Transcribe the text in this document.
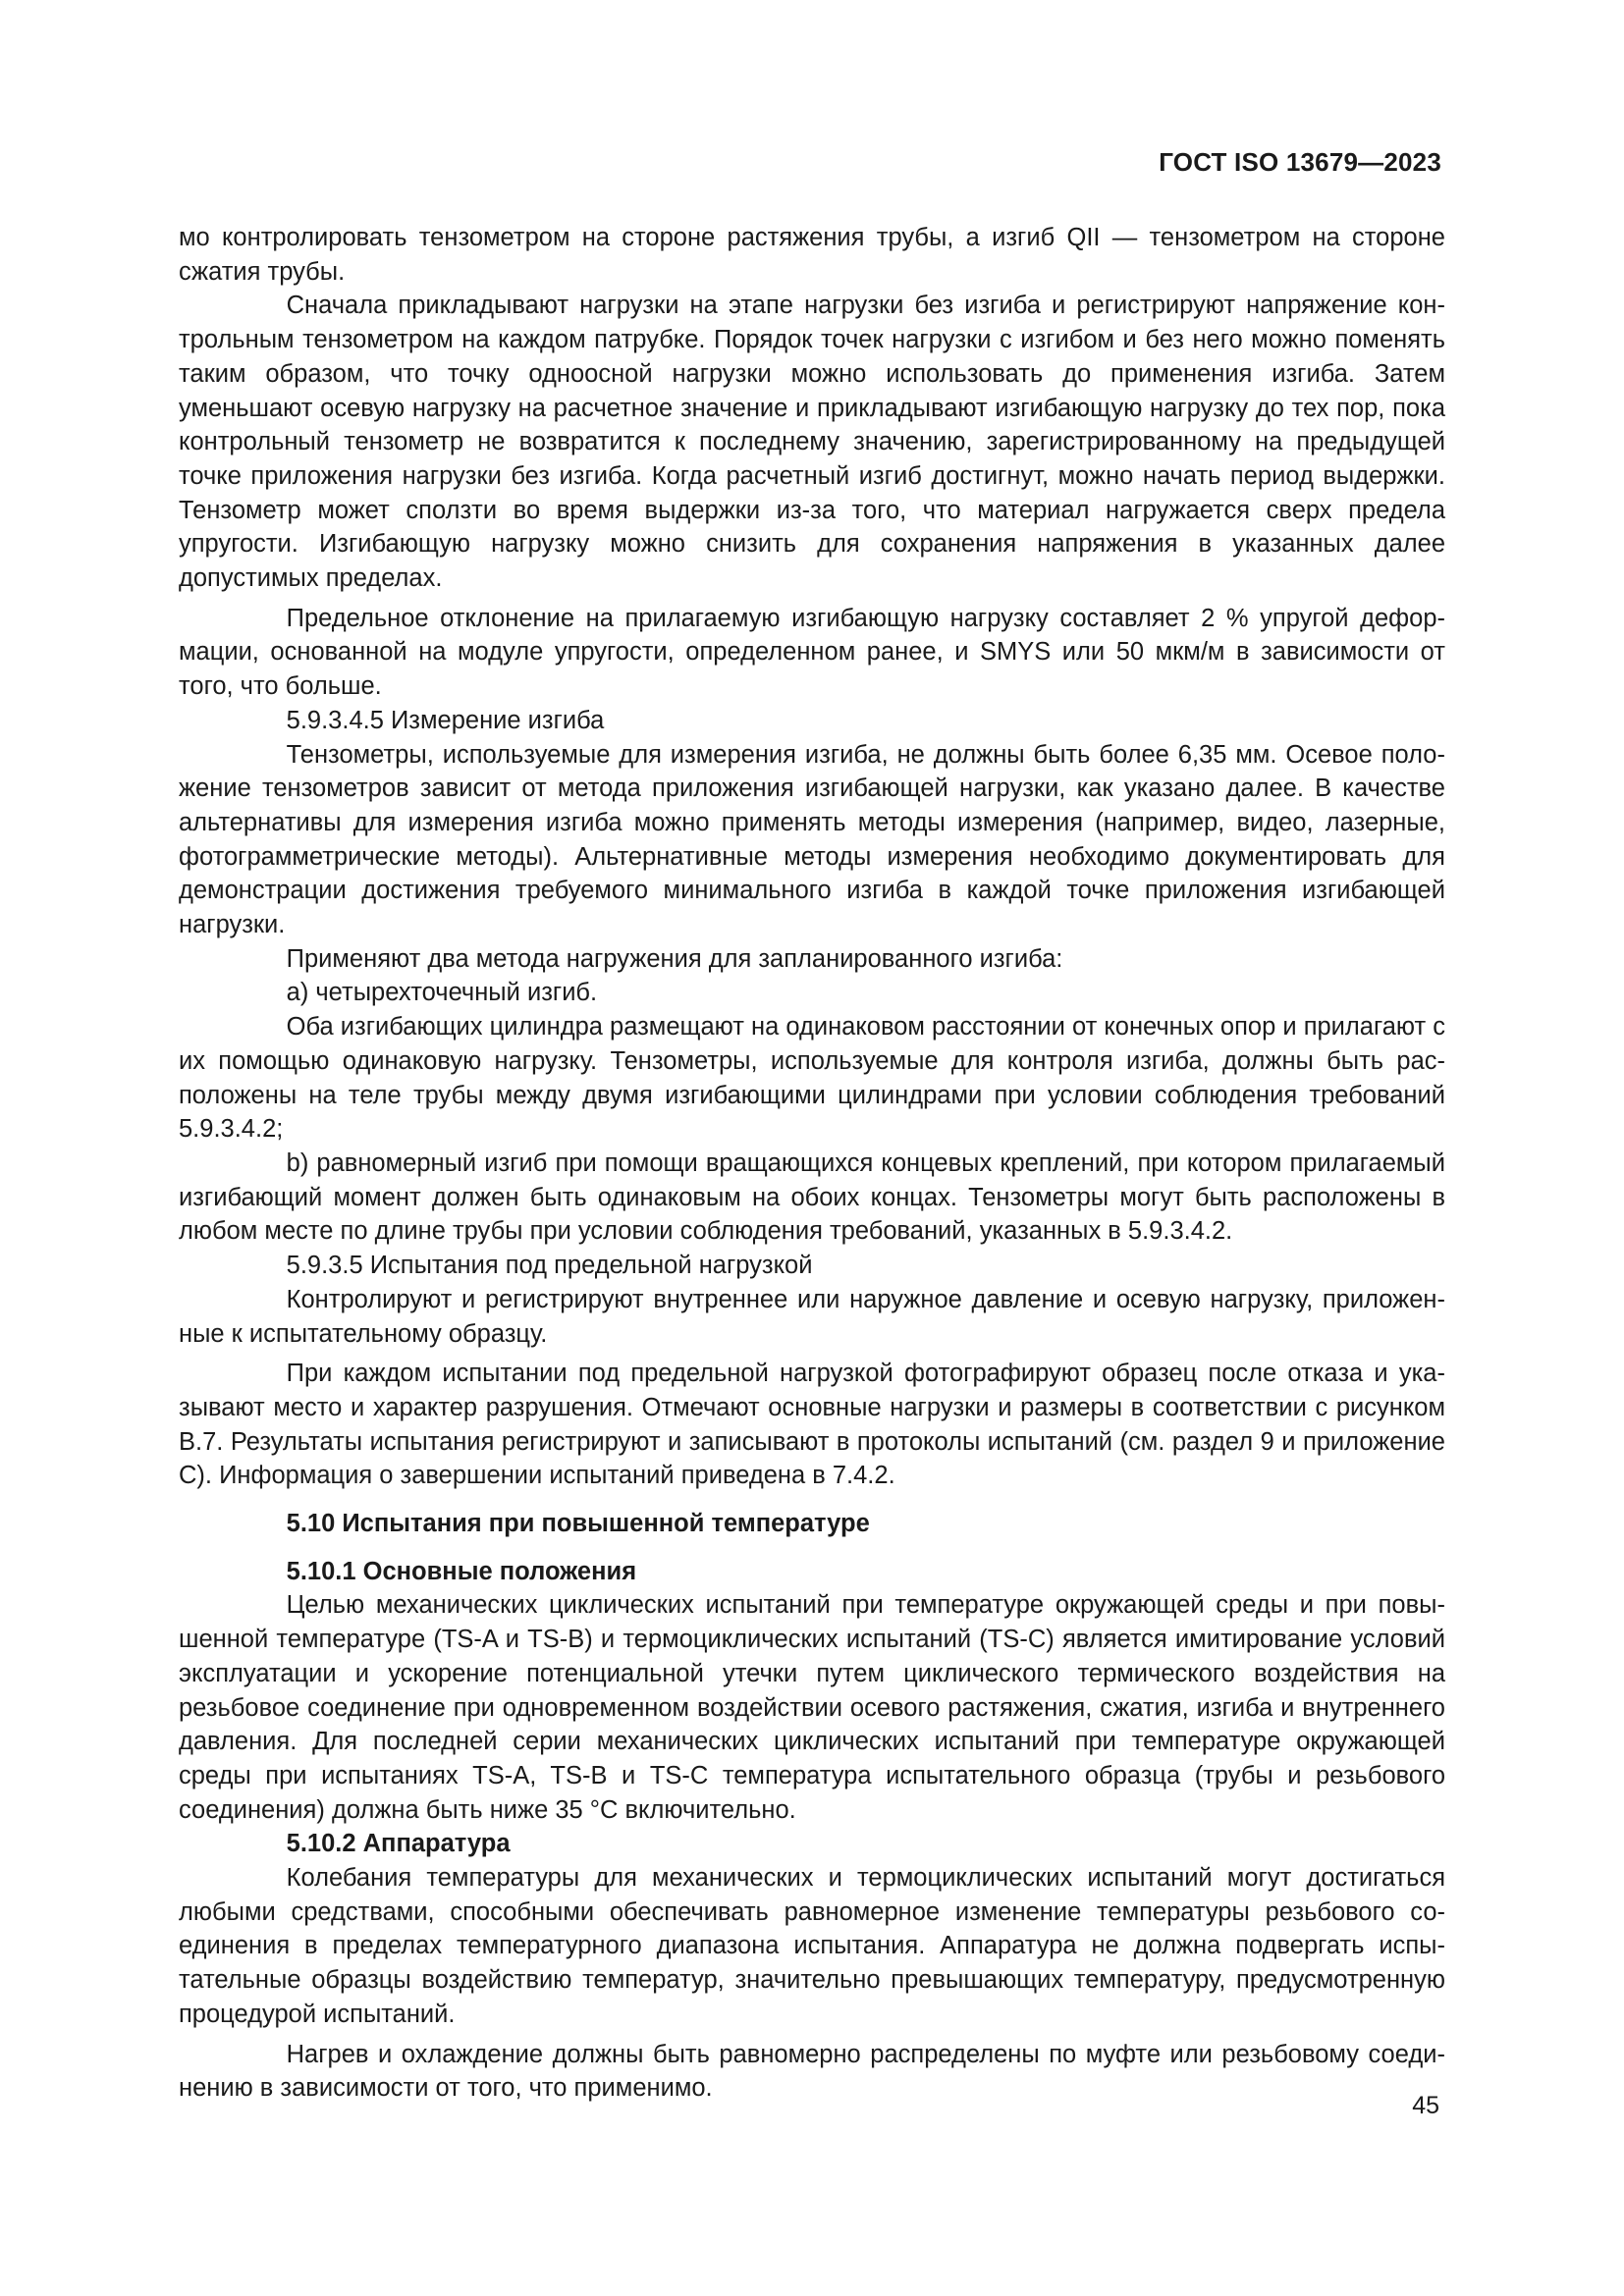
ГОСТ ISO 13679—2023

мо контролировать тензометром на стороне растяжения трубы, а изгиб QII — тензометром на стороне сжатия трубы.

Сначала прикладывают нагрузки на этапе нагрузки без изгиба и регистрируют напряжение контрольным тензометром на каждом патрубке. Порядок точек нагрузки с изгибом и без него можно поменять таким образом, что точку одноосной нагрузки можно использовать до применения изгиба. Затем уменьшают осевую нагрузку на расчетное значение и прикладывают изгибающую нагрузку до тех пор, пока контрольный тензометр не возвратится к последнему значению, зарегистрированному на предыдущей точке приложения нагрузки без изгиба. Когда расчетный изгиб достигнут, можно начать период выдержки. Тензометр может сползти во время выдержки из-за того, что материал нагружается сверх предела упругости. Изгибающую нагрузку можно снизить для сохранения напряжения в указанных далее допустимых пределах.

Предельное отклонение на прилагаемую изгибающую нагрузку составляет 2 % упругой деформации, основанной на модуле упругости, определенном ранее, и SMYS или 50 мкм/м в зависимости от того, что больше.

5.9.3.4.5 Измерение изгиба

Тензометры, используемые для измерения изгиба, не должны быть более 6,35 мм. Осевое положение тензометров зависит от метода приложения изгибающей нагрузки, как указано далее. В качестве альтернативы для измерения изгиба можно применять методы измерения (например, видео, лазерные, фотограмметрические методы). Альтернативные методы измерения необходимо документировать для демонстрации достижения требуемого минимального изгиба в каждой точке приложения изгибающей нагрузки.

Применяют два метода нагружения для запланированного изгиба:

a) четырехточечный изгиб.

Оба изгибающих цилиндра размещают на одинаковом расстоянии от конечных опор и прилагают с их помощью одинаковую нагрузку. Тензометры, используемые для контроля изгиба, должны быть расположены на теле трубы между двумя изгибающими цилиндрами при условии соблюдения требований 5.9.3.4.2;

b) равномерный изгиб при помощи вращающихся концевых креплений, при котором прилагаемый изгибающий момент должен быть одинаковым на обоих концах. Тензометры могут быть расположены в любом месте по длине трубы при условии соблюдения требований, указанных в 5.9.3.4.2.

5.9.3.5 Испытания под предельной нагрузкой

Контролируют и регистрируют внутреннее или наружное давление и осевую нагрузку, приложенные к испытательному образцу.

При каждом испытании под предельной нагрузкой фотографируют образец после отказа и указывают место и характер разрушения. Отмечают основные нагрузки и размеры в соответствии с рисунком В.7. Результаты испытания регистрируют и записывают в протоколы испытаний (см. раздел 9 и приложение С). Информация о завершении испытаний приведена в 7.4.2.

5.10 Испытания при повышенной температуре

5.10.1 Основные положения

Целью механических циклических испытаний при температуре окружающей среды и при повышенной температуре (TS-A и TS-B) и термоциклических испытаний (TS-C) является имитирование условий эксплуатации и ускорение потенциальной утечки путем циклического термического воздействия на резьбовое соединение при одновременном воздействии осевого растяжения, сжатия, изгиба и внутреннего давления. Для последней серии механических циклических испытаний при температуре окружающей среды при испытаниях TS-A, TS-B и TS-C температура испытательного образца (трубы и резьбового соединения) должна быть ниже 35 °С включительно.

5.10.2 Аппаратура

Колебания температуры для механических и термоциклических испытаний могут достигаться любыми средствами, способными обеспечивать равномерное изменение температуры резьбового соединения в пределах температурного диапазона испытания. Аппаратура не должна подвергать испытательные образцы воздействию температур, значительно превышающих температуру, предусмотренную процедурой испытаний.

Нагрев и охлаждение должны быть равномерно распределены по муфте или резьбовому соединению в зависимости от того, что применимо.

45
